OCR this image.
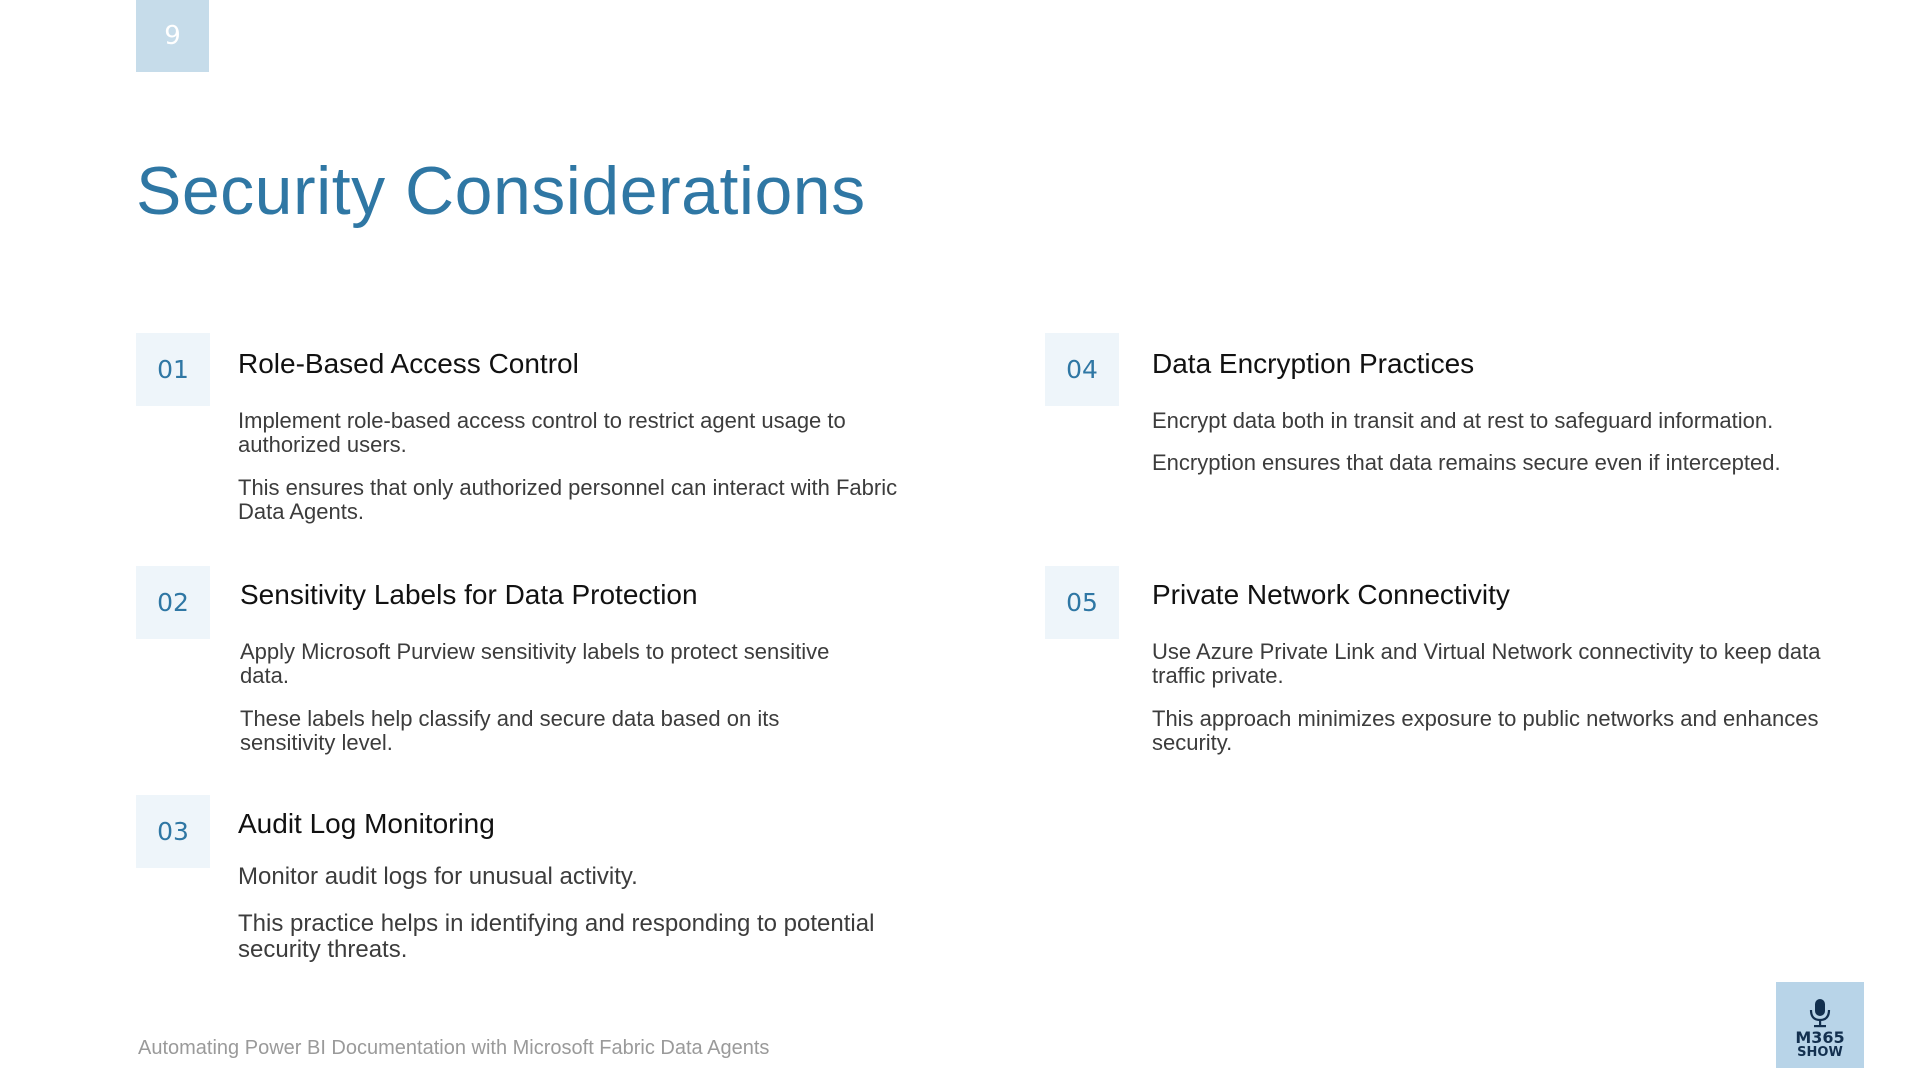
9
Security Considerations
01	Role-Based Access Control

Implement role-based access control to restrict agent usage to authorized users.

This ensures that only authorized personnel can interact with Fabric Data Agents.

02	Sensitivity Labels for Data Protection

Apply Microsoft Purview sensitivity labels to protect sensitive data.

These labels help classify and secure data based on its sensitivity level.

03	Audit Log Monitoring

Monitor audit logs for unusual activity.

This practice helps in identifying and responding to potential security threats.

04	Data Encryption Practices

Encrypt data both in transit and at rest to safeguard information.

Encryption ensures that data remains secure even if intercepted.

05	Private Network Connectivity

Use Azure Private Link and Virtual Network connectivity to keep data traffic private.

This approach minimizes exposure to public networks and enhances security.

Automating Power BI Documentation with Microsoft Fabric Data Agents	M365
SHOW
